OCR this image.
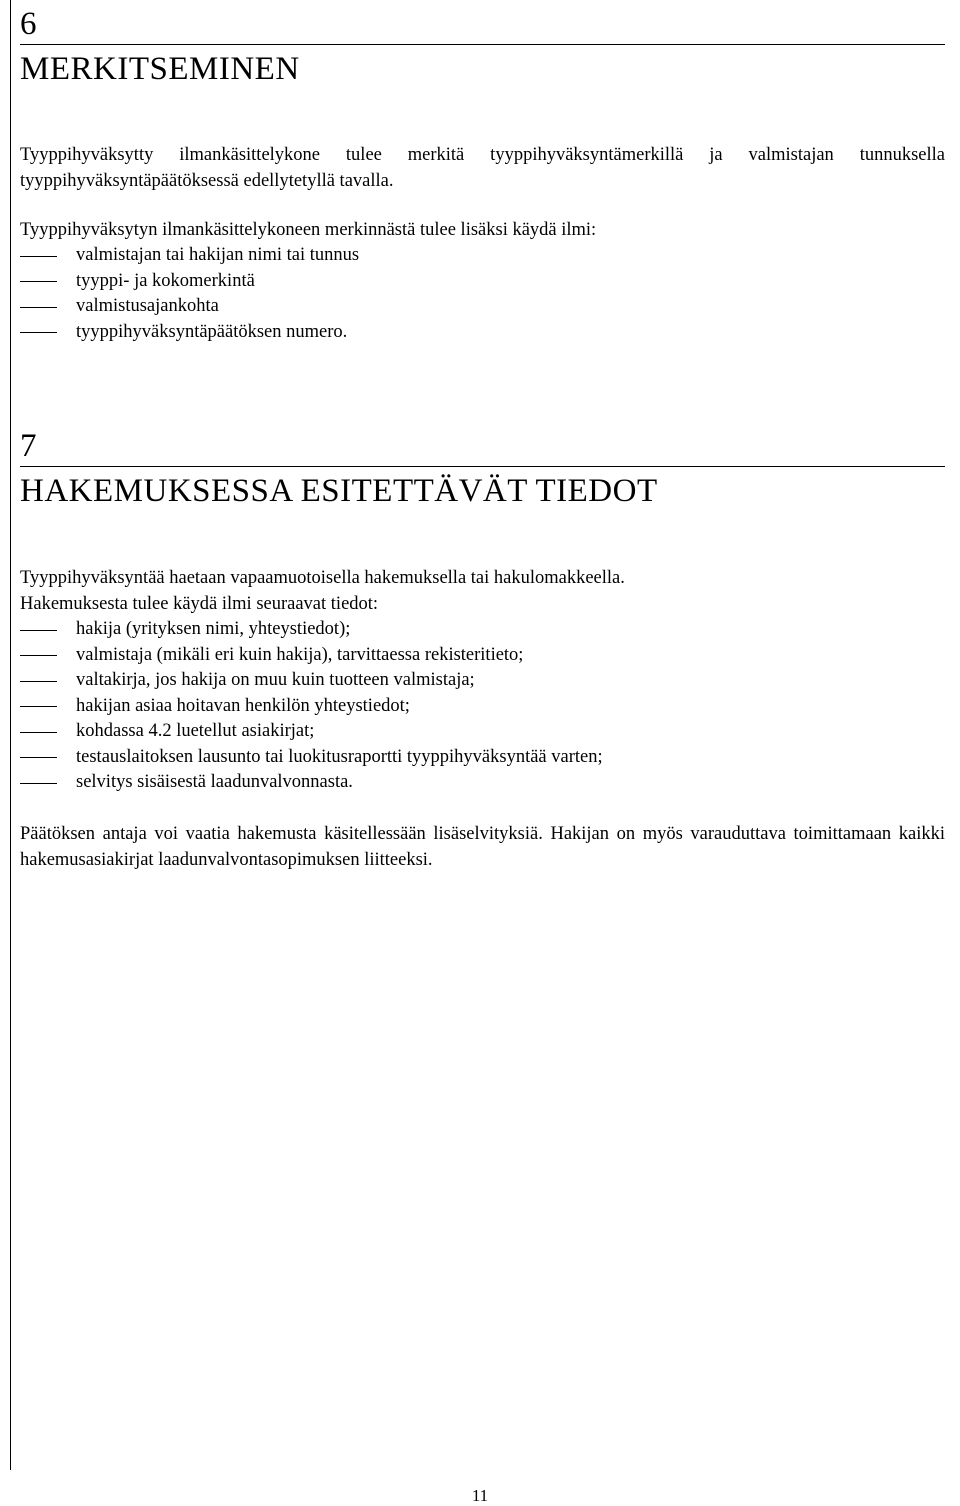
6
MERKITSEMINEN

Tyyppihyväksytty ilmankäsittelykone tulee merkitä tyyppihyväksyntämerkillä ja valmistajan tunnuksella tyyppihyväksyntäpäätöksessä edellytetyllä tavalla.

Tyyppihyväksytyn ilmankäsittelykoneen merkinnästä tulee lisäksi käydä ilmi:

valmistajan tai hakijan nimi tai tunnus
tyyppi- ja kokomerkintä
valmistusajankohta
tyyppihyväksyntäpäätöksen numero.
7
HAKEMUKSESSA ESITETTÄVÄT TIEDOT

Tyyppihyväksyntää haetaan vapaamuotoisella hakemuksella tai hakulomakkeella.

Hakemuksesta tulee käydä ilmi seuraavat tiedot:

hakija (yrityksen nimi, yhteystiedot);
valmistaja (mikäli eri kuin hakija), tarvittaessa rekisteritieto;
valtakirja, jos hakija on muu kuin tuotteen valmistaja;
hakijan asiaa hoitavan henkilön yhteystiedot;
kohdassa 4.2 luetellut asiakirjat;
testauslaitoksen lausunto tai luokitusraportti tyyppihyväksyntää varten;
selvitys sisäisestä laadunvalvonnasta.

Päätöksen antaja voi vaatia hakemusta käsitellessään lisäselvityksiä. Hakijan on myös varauduttava toimittamaan kaikki hakemusasiakirjat laadunvalvontasopimuksen liitteeksi.

11
